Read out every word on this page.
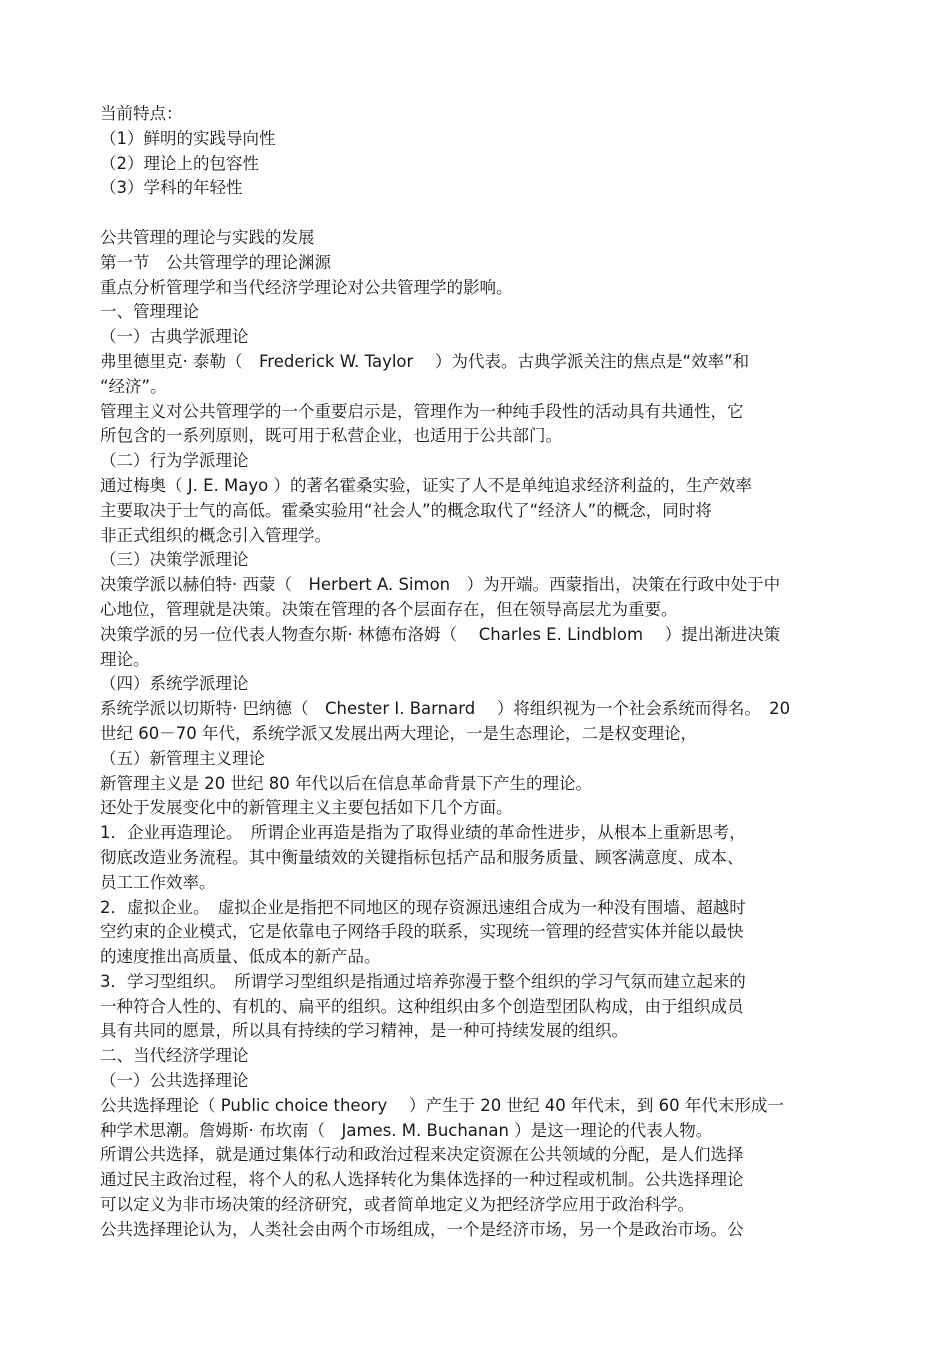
当前特点：
（1）鲜明的实践导向性
（2）理论上的包容性
（3）学科的年轻性
公共管理的理论与实践的发展
第一节　公共管理学的理论渊源
重点分析管理学和当代经济学理论对公共管理学的影响。
一、管理理论
（一）古典学派理论
弗里德里克· 泰勒（　Frederick W. Taylor　 ）为代表。古典学派关注的焦点是“效率”和
“经济”。
管理主义对公共管理学的一个重要启示是，管理作为一种纯手段性的活动具有共通性，它
所包含的一系列原则，既可用于私营企业，也适用于公共部门。
（二）行为学派理论
通过梅奥（ J. E. Mayo ）的著名霍桑实验，证实了人不是单纯追求经济利益的，生产效率
主要取决于士气的高低。霍桑实验用“社会人”的概念取代了“经济人”的概念，同时将
非正式组织的概念引入管理学。
（三）决策学派理论
决策学派以赫伯特· 西蒙（　Herbert A. Simon　）为开端。西蒙指出，决策在行政中处于中
心地位，管理就是决策。决策在管理的各个层面存在，但在领导高层尤为重要。
决策学派的另一位代表人物查尔斯· 林德布洛姆（　 Charles E. Lindblom　 ）提出渐进决策
理论。
（四）系统学派理论
系统学派以切斯特· 巴纳德（　Chester I. Barnard　 ）将组织视为一个社会系统而得名。　20
世纪 60－70 年代，系统学派又发展出两大理论，一是生态理论，二是权变理论，
（五）新管理主义理论
新管理主义是 20 世纪 80 年代以后在信息革命背景下产生的理论。
还处于发展变化中的新管理主义主要包括如下几个方面。
1．企业再造理论。　所谓企业再造是指为了取得业绩的革命性进步，从根本上重新思考，
彻底改造业务流程。其中衡量绩效的关键指标包括产品和服务质量、顾客满意度、成本、
员工工作效率。
2．虚拟企业。　虚拟企业是指把不同地区的现存资源迅速组合成为一种没有围墙、超越时
空约束的企业模式，它是依靠电子网络手段的联系，实现统一管理的经营实体并能以最快
的速度推出高质量、低成本的新产品。
3．学习型组织。　所谓学习型组织是指通过培养弥漫于整个组织的学习气氛而建立起来的
一种符合人性的、有机的、扁平的组织。这种组织由多个创造型团队构成，由于组织成员
具有共同的愿景，所以具有持续的学习精神，是一种可持续发展的组织。
二、当代经济学理论
（一）公共选择理论
公共选择理论（ Public choice theory　 ）产生于 20 世纪 40 年代末，到 60 年代末形成一
种学术思潮。詹姆斯· 布坎南（　James. M. Buchanan ）是这一理论的代表人物。
所谓公共选择，就是通过集体行动和政治过程来决定资源在公共领域的分配，是人们选择
通过民主政治过程，将个人的私人选择转化为集体选择的一种过程或机制。公共选择理论
可以定义为非市场决策的经济研究，或者简单地定义为把经济学应用于政治科学。
公共选择理论认为，人类社会由两个市场组成，一个是经济市场，另一个是政治市场。公
